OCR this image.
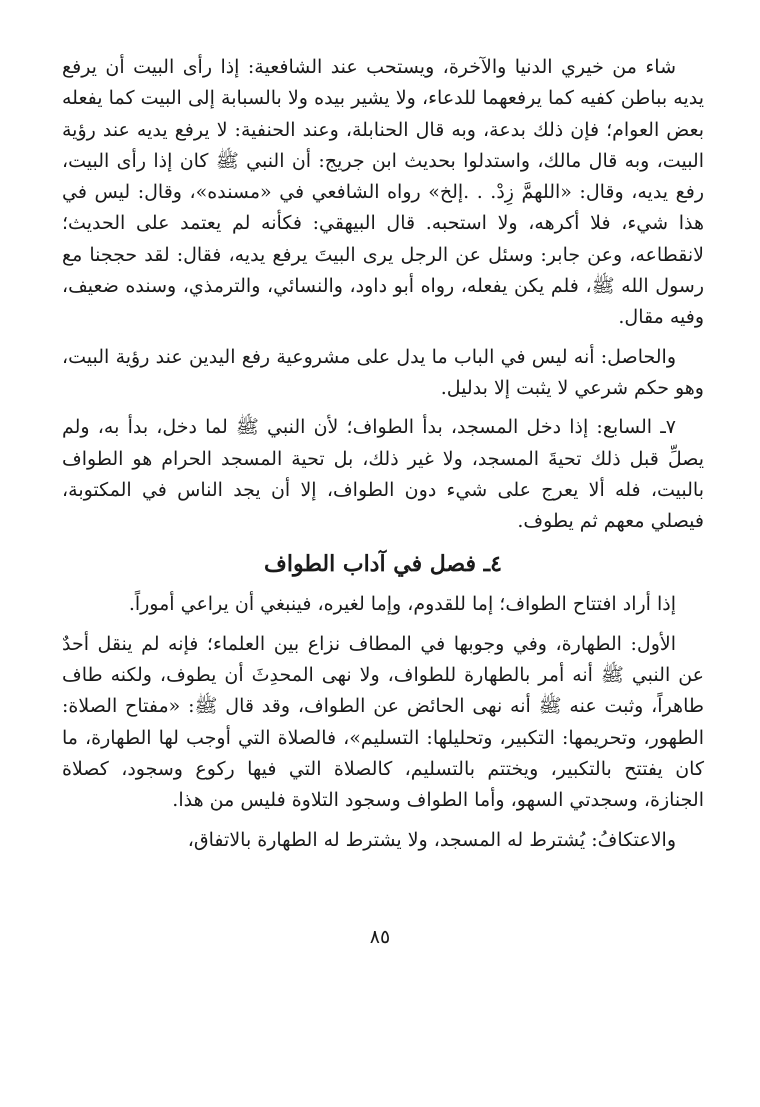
شاء من خيري الدنيا والآخرة، ويستحب عند الشافعية: إذا رأى البيت أن يرفع يديه بباطن كفيه كما يرفعهما للدعاء، ولا يشير بيده ولا بالسبابة إلى البيت كما يفعله بعض العوام؛ فإن ذلك بدعة، وبه قال الحنابلة، وعند الحنفية: لا يرفع يديه عند رؤية البيت، وبه قال مالك، واستدلوا بحديث ابن جريج: أن النبي ﷺ كان إذا رأى البيت، رفع يديه، وقال: «اللهمَّ زِدْ. . .إلخ» رواه الشافعي في «مسنده»، وقال: ليس في هذا شيء، فلا أكرهه، ولا استحبه. قال البيهقي: فكأنه لم يعتمد على الحديث؛ لانقطاعه، وعن جابر: وسئل عن الرجل يرى البيتَ يرفع يديه، فقال: لقد حججنا مع رسول الله ﷺ، فلم يكن يفعله، رواه أبو داود، والنسائي، والترمذي، وسنده ضعيف، وفيه مقال.

والحاصل: أنه ليس في الباب ما يدل على مشروعية رفع اليدين عند رؤية البيت، وهو حكم شرعي لا يثبت إلا بدليل.

٧ـ السابع: إذا دخل المسجد، بدأ الطواف؛ لأن النبي ﷺ لما دخل، بدأ به، ولم يصلِّ قبل ذلك تحيةَ المسجد، ولا غير ذلك، بل تحية المسجد الحرام هو الطواف بالبيت، فله ألا يعرج على شيء دون الطواف، إلا أن يجد الناس في المكتوبة، فيصلي معهم ثم يطوف.

٤ـ فصل في آداب الطواف

إذا أراد افتتاح الطواف؛ إما للقدوم، وإما لغيره، فينبغي أن يراعي أموراً.

الأول: الطهارة، وفي وجوبها في المطاف نزاع بين العلماء؛ فإنه لم ينقل أحدٌ عن النبي ﷺ أنه أمر بالطهارة للطواف، ولا نهى المحدِثَ أن يطوف، ولكنه طاف طاهراً، وثبت عنه ﷺ أنه نهى الحائض عن الطواف، وقد قال ﷺ: «مفتاح الصلاة: الطهور، وتحريمها: التكبير، وتحليلها: التسليم»، فالصلاة التي أوجب لها الطهارة، ما كان يفتتح بالتكبير، ويختتم بالتسليم، كالصلاة التي فيها ركوع وسجود، كصلاة الجنازة، وسجدتي السهو، وأما الطواف وسجود التلاوة فليس من هذا.

والاعتكافُ: يُشترط له المسجد، ولا يشترط له الطهارة بالاتفاق،

٨٥
